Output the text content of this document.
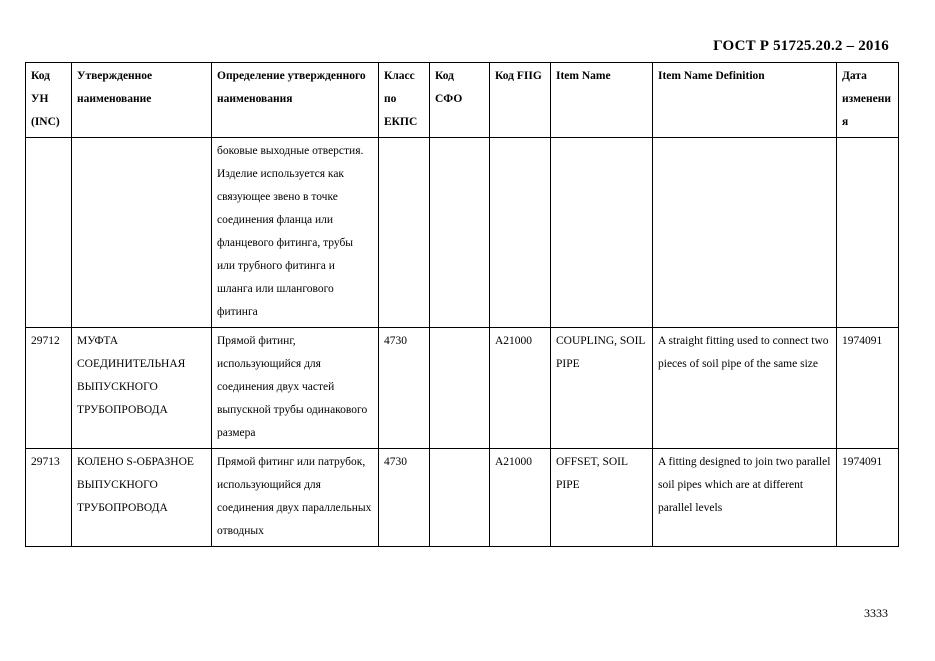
ГОСТ Р 51725.20.2 – 2016
Код УН (INC)	Утвержденное наименование	Определение утвержденного наименования	Класс по ЕКПС	Код СФО	Код FIIG	Item Name	Item Name Definition	Дата изменения
		боковые выходные отверстия. Изделие используется как связующее звено в точке соединения фланца или фланцевого фитинга, трубы или трубного фитинга и шланга или шлангового фитинга						
29712	МУФТА СОЕДИНИТЕЛЬНАЯ ВЫПУСКНОГО ТРУБОПРОВОДА	Прямой фитинг, использующийся для соединения двух частей выпускной трубы одинакового размера	4730		A21000	COUPLING, SOIL PIPE	A straight fitting used to connect two pieces of soil pipe of the same size	1974091
29713	КОЛЕНО S-ОБРАЗНОЕ ВЫПУСКНОГО ТРУБОПРОВОДА	Прямой фитинг или патрубок, использующийся для соединения двух параллельных отводных	4730		A21000	OFFSET, SOIL PIPE	A fitting designed to join two parallel soil pipes which are at different parallel levels	1974091
3333
